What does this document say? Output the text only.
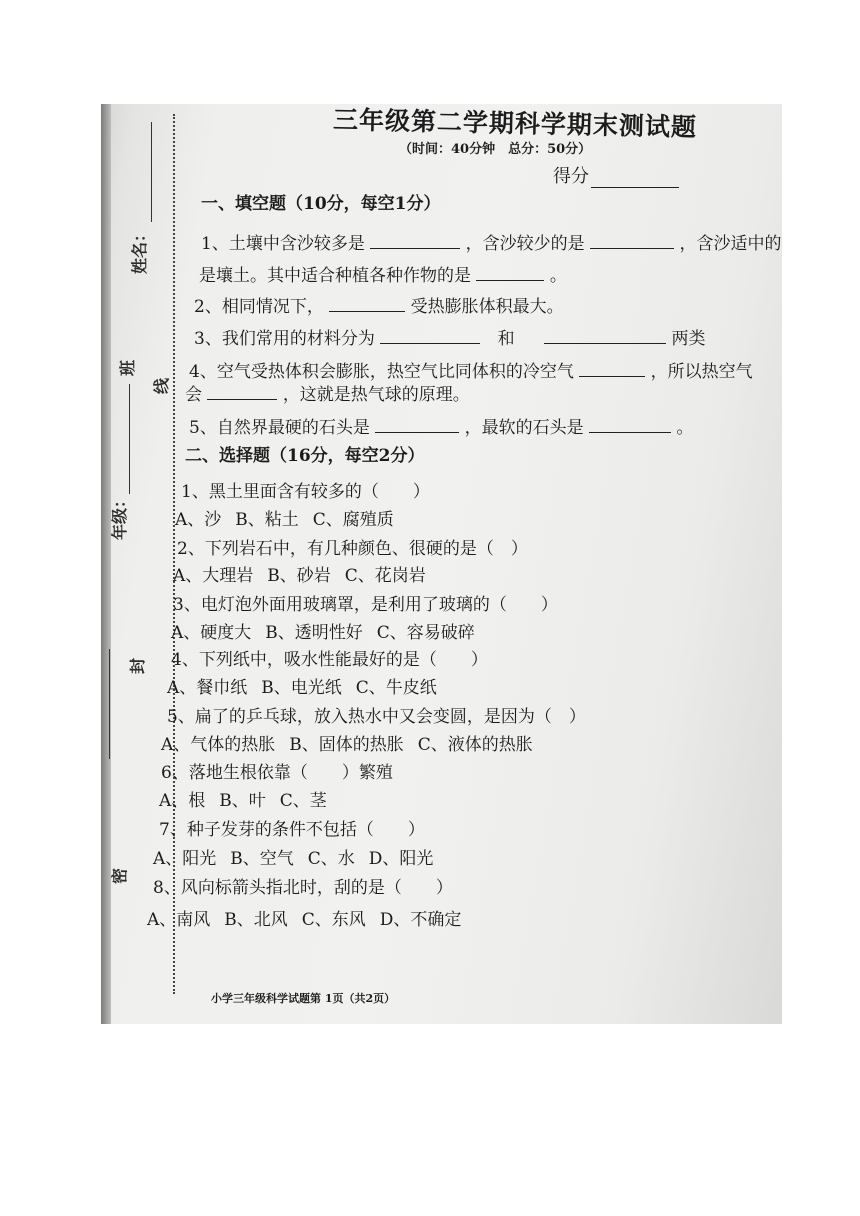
姓名：
班
年级：
线
封
密
三年级第二学期科学期末测试题
（时间：40分钟　总分：50分）
得分
一、填空题（10分，每空1分）
1、土壤中含沙较多是	，含沙较少的是	，含沙适中的
是壤土。其中适合种植各种作物的是	。
2、相同情况下，	受热膨胀体积最大。
3、我们常用的材料分为	和	两类
4、空气受热体积会膨胀，热空气比同体积的冷空气	，所以热空气
会	，这就是热气球的原理。
5、自然界最硬的石头是	，最软的石头是	。
二、选择题（16分，每空2分）
1、黑土里面含有较多的（　　）
A、沙 B、粘土 C、腐殖质
2、下列岩石中，有几种颜色、很硬的是（　）
A、大理岩 B、砂岩 C、花岗岩
3、电灯泡外面用玻璃罩，是利用了玻璃的（　　）
A、硬度大 B、透明性好 C、容易破碎
4、下列纸中，吸水性能最好的是（　　）
A、餐巾纸 B、电光纸 C、牛皮纸
5、扁了的乒乓球，放入热水中又会变圆，是因为（　）
A、气体的热胀 B、固体的热胀 C、液体的热胀
6、落地生根依靠（　　）繁殖
A、根 B、叶 C、茎
7、种子发芽的条件不包括（　　）
A、阳光 B、空气 C、水 D、阳光
8、风向标箭头指北时，刮的是（　　）
A、南风 B、北风 C、东风 D、不确定
小学三年级科学试题第 1页（共2页）
